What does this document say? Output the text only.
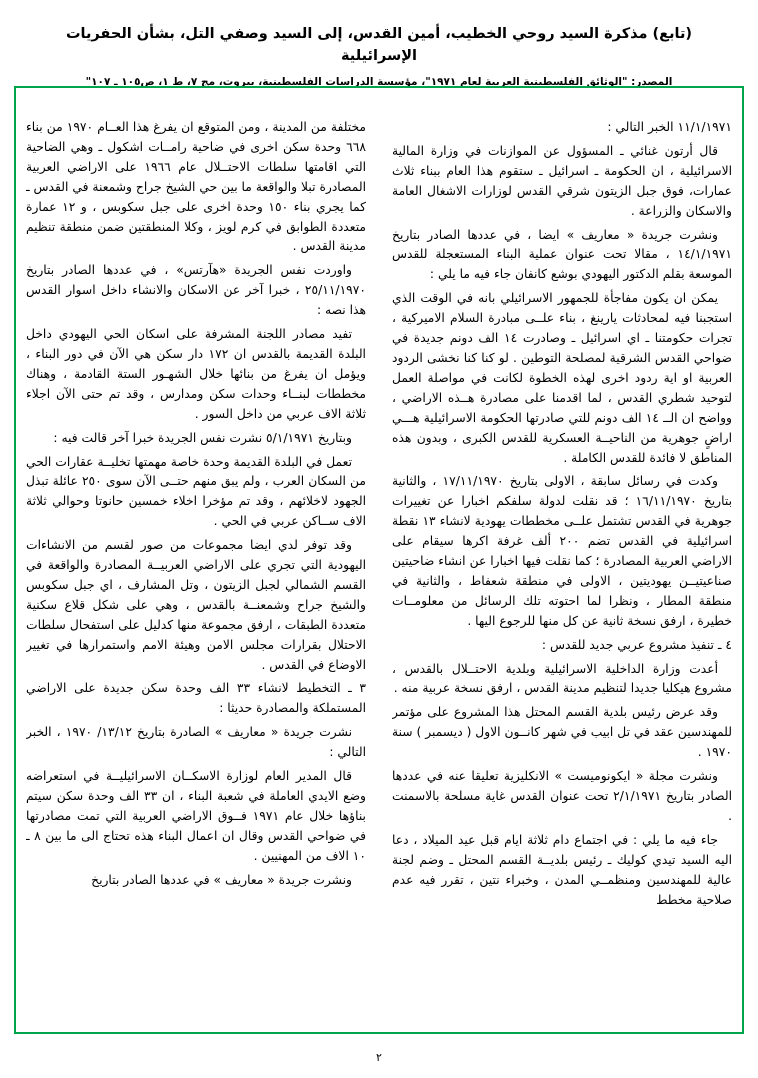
(تابع) مذكرة السيد روحي الخطيب، أمين القدس، إلى السيد وصفي التل، بشأن الحفريات الإسرائيلية
المصدر: "الوثائق الفلسطينية العربية لعام ١٩٧١"، مؤسسة الدراسات الفلسطينية، بيروت، مج ٧، ط ١، ص١٠٥ ـ ١٠٧"

١١/١/١٩٧١ الخبر التالي :

قال أرتون غنائي ـ المسؤول عن الموازنات في وزارة المالية الاسرائيلية ، ان الحكومة ـ اسرائيل ـ ستقوم هذا العام ببناء ثلاث عمارات، فوق جبل الزيتون شرقي القدس لوزارات الاشغال العامة والاسكان والزراعة .

ونشرت جريدة « معاريف » ايضا ، في عددها الصادر بتاريخ ١٤/١/١٩٧١ ، مقالا تحت عنوان عملية البناء المستعجلة للقدس الموسعة بقلم الدكتور اليهودي بوشع كانفان جاء فيه ما يلي :

يمكن ان يكون مفاجأة للجمهور الاسرائيلي بانه في الوقت الذي استجبنا فيه لمحادثات يارينغ ، بناء علــى مبادرة السلام الاميركية ، تجرات حكومتنا ـ اي اسرائيل ـ وصادرت ١٤ الف دونم جديدة في ضواحي القدس الشرقية لمصلحة التوطين . لو كنا كنا نخشى الردود العربية او اية ردود اخرى لهذه الخطوة لكانت في مواصلة العمل لتوحيد شطري القدس ، لما اقدمنا على مصادرة هــذه الاراضي ، وواضح ان الــ ١٤ الف دونم للتي صادرتها الحكومة الاسرائيلية هـــي اراضٍ جوهرية من الناحيــة العسكرية للقدس الكبرى ، وبدون هذه المناطق لا فائدة للقدس الكاملة .

وكدت في رسائل سابقة ، الاولى بتاريخ ١٧/١١/١٩٧٠ ، والثانية بتاريخ ١٦/١١/١٩٧٠ ؛ قد نقلت لدولة سلفكم اخبارا عن تغييرات جوهرية في القدس تشتمل علــى مخططات يهودية لانشاء ١٣ نقطة اسرائيلية في القدس تضم ٢٠٠ ألف غرفة اكرها سيقام على الاراضي العربية المصادرة ؛ كما نقلت فيها اخبارا عن انشاء ضاحيتين صناعيتيــن يهوديتين ، الاولى في منطقة شعفاط ، والثانية في منطقة المطار ، ونظرا لما احتوته تلك الرسائل من معلومــات خطيرة ، ارفق نسخة ثانية عن كل منها للرجوع اليها .

٤ ـ تنفيذ مشروع عربي جديد للقدس :

أعدت وزارة الداخلية الاسرائيلية وبلدية الاحتــلال بالقدس ، مشروع هيكليا جديدا لتنظيم مدينة القدس ، ارفق نسخة عربية منه .

وقد عرض رئيس بلدية القسم المحتل هذا المشروع على مؤتمر للمهندسين عقد في تل ابيب في شهر كانــون الاول ( ديسمبر ) سنة ١٩٧٠ .

ونشرت مجلة « ايكونوميست » الانكليزية تعليقا عنه في عددها الصادر بتاريخ ٢/١/١٩٧١ تحت عنوان القدس غاية مسلحة بالاسمنت .

جاء فيه ما يلي : في اجتماع دام ثلاثة ايام قبل عيد الميلاد ، دعا اليه السيد تيدي كوليك ـ رئيس بلديــة القسم المحتل ـ وضم لجنة عالية للمهندسين ومنظمــي المدن ، وخبراء نتين ، تقرر فيه عدم صلاحية مخطط

مختلفة من المدينة ، ومن المتوقع ان يفرغ هذا العــام ١٩٧٠ من بناء ٦٦٨ وحدة سكن اخرى في ضاحية رامــات اشكول ـ وهي الضاحية التي اقامتها سلطات الاحتــلال عام ١٩٦٦ على الاراضي العربية المصادرة تبلا والواقعة ما بين حي الشيخ جراح وشمعنة في القدس ـ كما يجري بناء ١٥٠ وحدة اخرى على جبل سكوبس ، و ١٢ عمارة متعددة الطوابق في كرم لويز ، وكلا المنطقتين ضمن منطقة تنظيم مدينة القدس .

واوردت نفس الجريدة «هآرتس» ، في عددها الصادر بتاريخ ٢٥/١١/١٩٧٠ ، خبرا آخر عن الاسكان والانشاء داخل اسوار القدس هذا نصه :

تفيد مصادر اللجنة المشرفة على اسكان الحي اليهودي داخل البلدة القديمة بالقدس ان ١٧٢ دار سكن هي الآن في دور البناء ، ويؤمل ان يفرغ من بنائها خلال الشهـور الستة القادمة ، وهناك مخططات لبنــاء وحدات سكن ومدارس ، وقد تم حتى الآن اجلاء ثلاثة الاف عربي من داخل السور .

وبتاريخ ٥/١/١٩٧١ نشرت نفس الجريدة خبرا آخر قالت فيه :

تعمل في البلدة القديمة وحدة خاصة مهمتها تخليــة عقارات الحي من السكان العرب ، ولم يبق منهم حتــى الآن سوى ٢٥٠ عائلة تبذل الجهود لاخلائهم ، وقد تم مؤخرا اخلاء خمسين حانوتا وحوالي ثلاثة الاف ســاكن عربي في الحي .

وقد توفر لدي ايضا مجموعات من صور لقسم من الانشاءات اليهودية التي تجري على الاراضي العربيــة المصادرة والواقعة في القسم الشمالي لجبل الزيتون ، وتل المشارف ، اي جبل سكوبس والشيخ جراح وشمعنــة بالقدس ، وهي على شكل قلاع سكنية متعددة الطبقات ، ارفق مجموعة منها كدليل على استفحال سلطات الاحتلال بقرارات مجلس الامن وهيئة الامم واستمرارها في تغيير الاوضاع في القدس .

٣ ـ التخطيط لانشاء ٣٣ الف وحدة سكن جديدة على الاراضي المستملكة والمصادرة حديثا :

نشرت جريدة « معاريف » الصادرة بتاريخ ١٣/١٢/ ١٩٧٠ ، الخبر التالي :

قال المدير العام لوزارة الاسكــان الاسرائيليــة في استعراضه وضع الايدي العاملة في شعبة البناء ، ان ٣٣ الف وحدة سكن سيتم بناؤها خلال عام ١٩٧١ فــوق الاراضي العربية التي تمت مصادرتها في ضواحي القدس وقال ان اعمال البناء هذه تحتاج الى ما بين ٨ ـ ١٠ الاف من المهنيين .

ونشرت جريدة « معاريف » في عددها الصادر بتاريخ

٢
